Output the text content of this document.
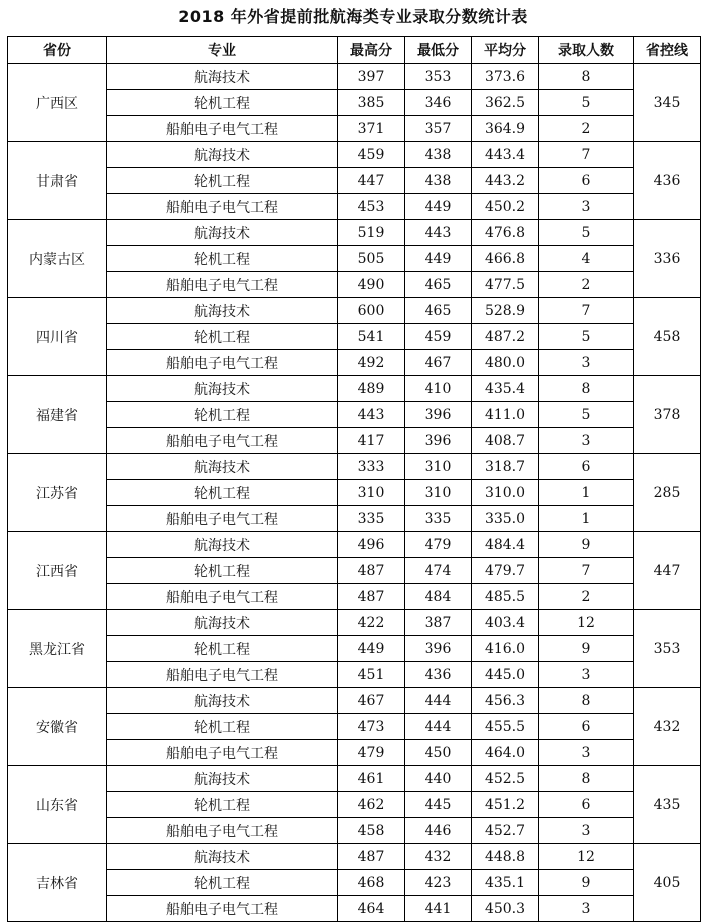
2018 年外省提前批航海类专业录取分数统计表
省份	专业	最高分	最低分	平均分	录取人数	省控线
广西区	航海技术	397	353	373.6	8	345
	轮机工程	385	346	362.5	5	
	船舶电子电气工程	371	357	364.9	2	
甘肃省	航海技术	459	438	443.4	7	436
	轮机工程	447	438	443.2	6	
	船舶电子电气工程	453	449	450.2	3	
内蒙古区	航海技术	519	443	476.8	5	336
	轮机工程	505	449	466.8	4	
	船舶电子电气工程	490	465	477.5	2	
四川省	航海技术	600	465	528.9	7	458
	轮机工程	541	459	487.2	5	
	船舶电子电气工程	492	467	480.0	3	
福建省	航海技术	489	410	435.4	8	378
	轮机工程	443	396	411.0	5	
	船舶电子电气工程	417	396	408.7	3	
江苏省	航海技术	333	310	318.7	6	285
	轮机工程	310	310	310.0	1	
	船舶电子电气工程	335	335	335.0	1	
江西省	航海技术	496	479	484.4	9	447
	轮机工程	487	474	479.7	7	
	船舶电子电气工程	487	484	485.5	2	
黑龙江省	航海技术	422	387	403.4	12	353
	轮机工程	449	396	416.0	9	
	船舶电子电气工程	451	436	445.0	3	
安徽省	航海技术	467	444	456.3	8	432
	轮机工程	473	444	455.5	6	
	船舶电子电气工程	479	450	464.0	3	
山东省	航海技术	461	440	452.5	8	435
	轮机工程	462	445	451.2	6	
	船舶电子电气工程	458	446	452.7	3	
吉林省	航海技术	487	432	448.8	12	405
	轮机工程	468	423	435.1	9	
	船舶电子电气工程	464	441	450.3	3	
